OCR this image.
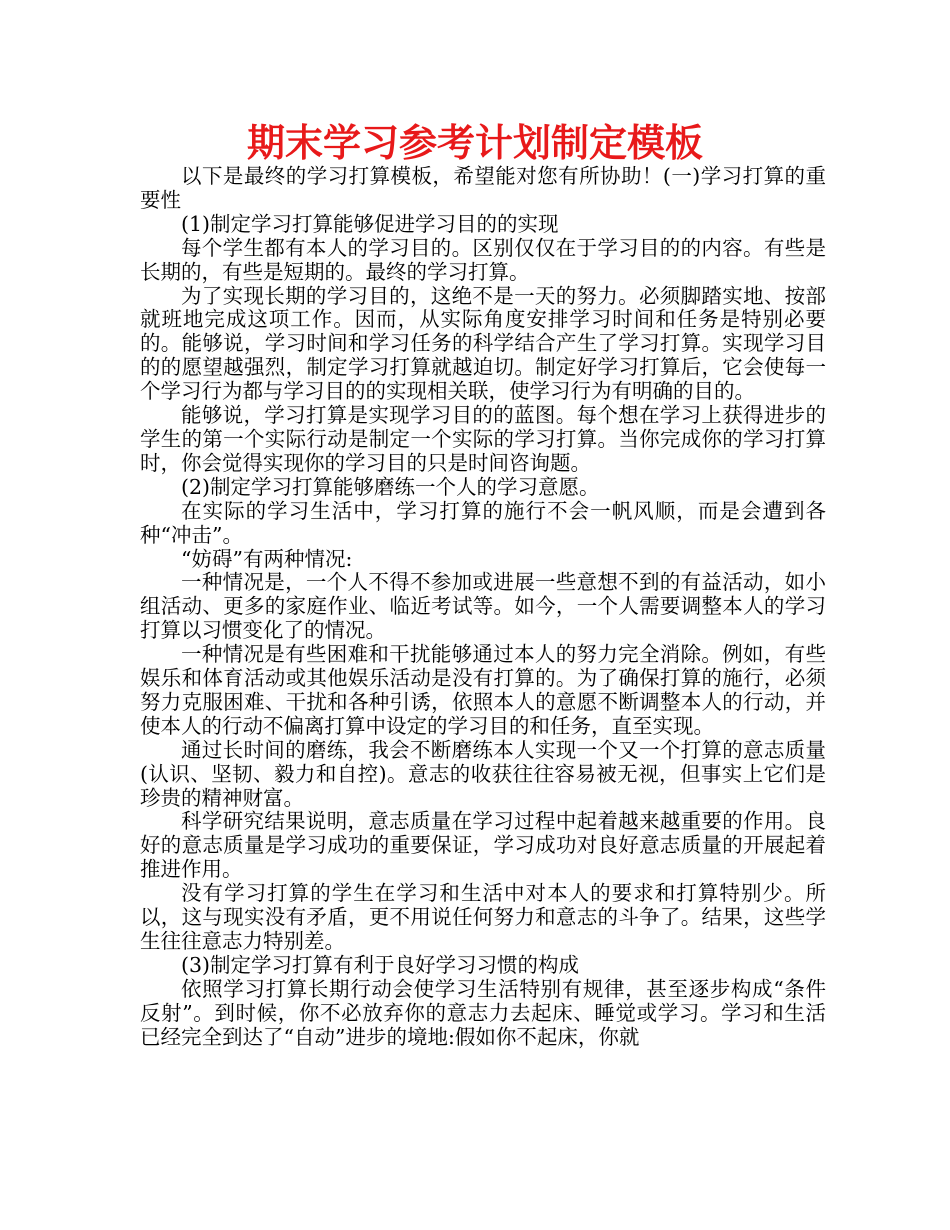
期末学习参考计划制定模板

以下是最终的学习打算模板，希望能对您有所协助！(一)学习打算的重要性

(1)制定学习打算能够促进学习目的的实现

每个学生都有本人的学习目的。区别仅仅在于学习目的的内容。有些是长期的，有些是短期的。最终的学习打算。

为了实现长期的学习目的，这绝不是一天的努力。必须脚踏实地、按部就班地完成这项工作。因而，从实际角度安排学习时间和任务是特别必要的。能够说，学习时间和学习任务的科学结合产生了学习打算。实现学习目的的愿望越强烈，制定学习打算就越迫切。制定好学习打算后，它会使每一个学习行为都与学习目的的实现相关联，使学习行为有明确的目的。

能够说，学习打算是实现学习目的的蓝图。每个想在学习上获得进步的学生的第一个实际行动是制定一个实际的学习打算。当你完成你的学习打算时，你会觉得实现你的学习目的只是时间咨询题。

(2)制定学习打算能够磨练一个人的学习意愿。

在实际的学习生活中，学习打算的施行不会一帆风顺，而是会遭到各种“冲击”。

“妨碍”有两种情况:

一种情况是，一个人不得不参加或进展一些意想不到的有益活动，如小组活动、更多的家庭作业、临近考试等。如今，一个人需要调整本人的学习打算以习惯变化了的情况。

一种情况是有些困难和干扰能够通过本人的努力完全消除。例如，有些娱乐和体育活动或其他娱乐活动是没有打算的。为了确保打算的施行，必须努力克服困难、干扰和各种引诱，依照本人的意愿不断调整本人的行动，并使本人的行动不偏离打算中设定的学习目的和任务，直至实现。

通过长时间的磨练，我会不断磨练本人实现一个又一个打算的意志质量(认识、坚韧、毅力和自控)。意志的收获往往容易被无视，但事实上它们是珍贵的精神财富。

科学研究结果说明，意志质量在学习过程中起着越来越重要的作用。良好的意志质量是学习成功的重要保证，学习成功对良好意志质量的开展起着推进作用。

没有学习打算的学生在学习和生活中对本人的要求和打算特别少。所以，这与现实没有矛盾，更不用说任何努力和意志的斗争了。结果，这些学生往往意志力特别差。

(3)制定学习打算有利于良好学习习惯的构成

依照学习打算长期行动会使学习生活特别有规律，甚至逐步构成“条件反射”。到时候，你不必放弃你的意志力去起床、睡觉或学习。学习和生活已经完全到达了“自动”进步的境地:假如你不起床，你就
